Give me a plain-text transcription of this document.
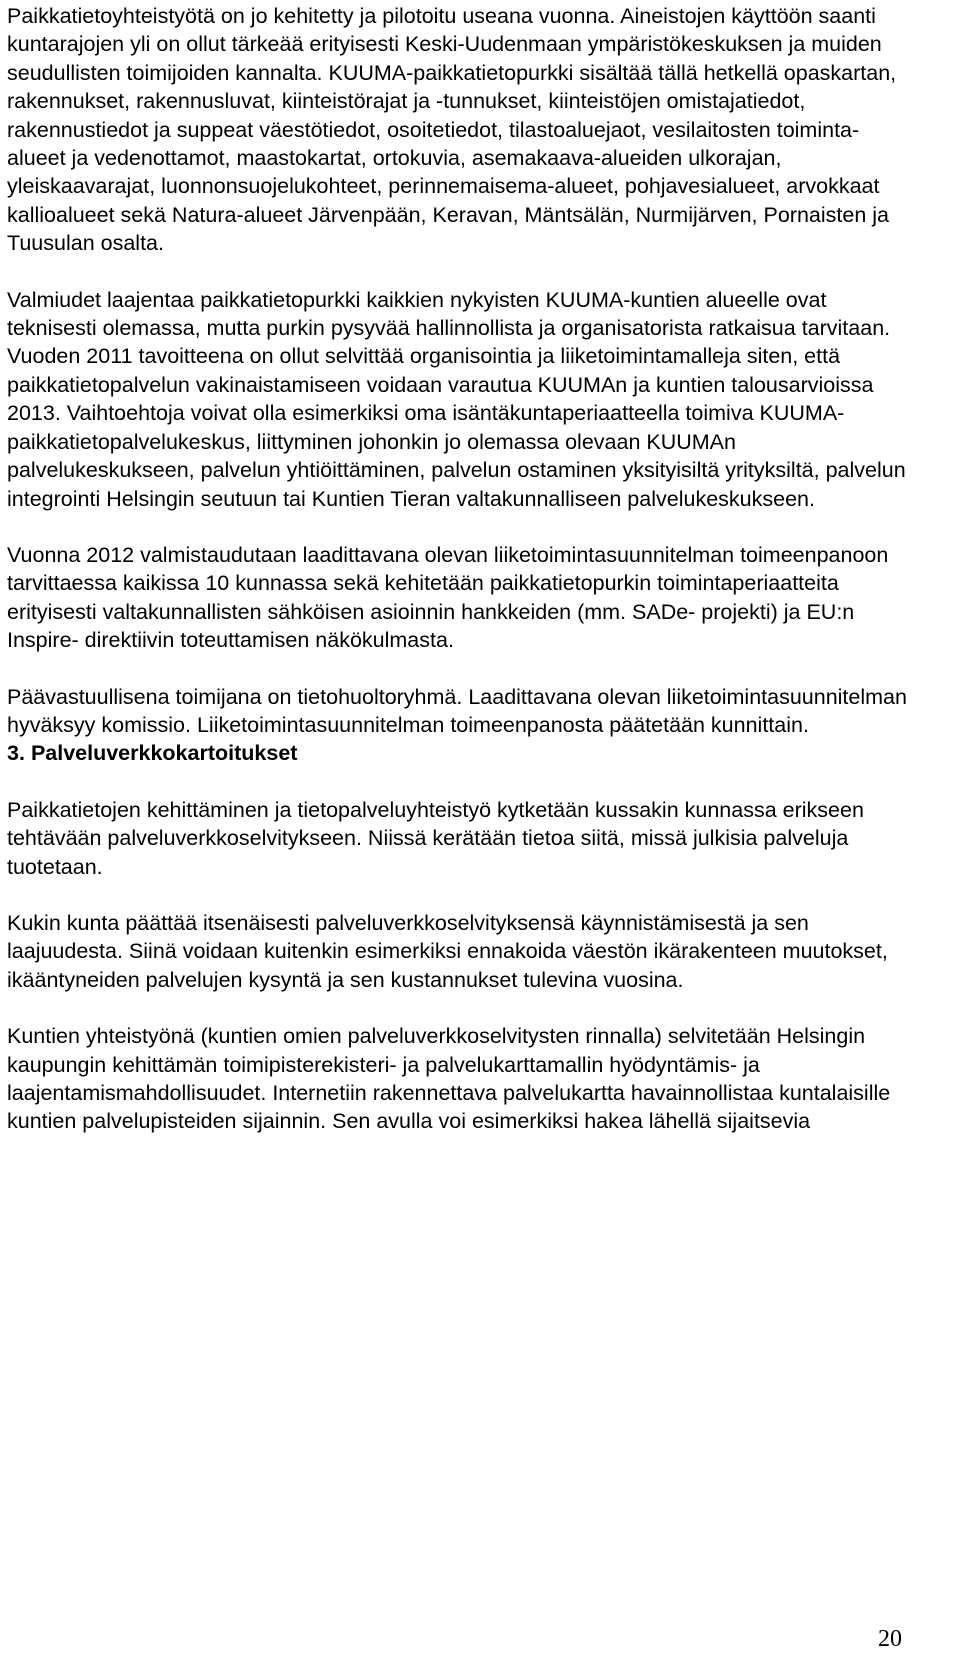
Paikkatietoyhteistyötä on jo kehitetty ja pilotoitu useana vuonna. Aineistojen käyttöön saanti kuntarajojen yli on ollut tärkeää erityisesti Keski-Uudenmaan ympäristökeskuksen ja muiden seudullisten toimijoiden kannalta. KUUMA-paikkatietopurkki sisältää tällä hetkellä opaskartan, rakennukset, rakennusluvat, kiinteistörajat ja -tunnukset, kiinteistöjen omistajatiedot, rakennustiedot ja suppeat väestötiedot, osoitetiedot, tilastoaluejaot, vesilaitosten toiminta-alueet ja vedenottamot, maastokartat, ortokuvia, asemakaava-alueiden ulkorajan, yleiskaavarajat, luonnonsuojelukohteet, perinnemaisema-alueet, pohjavesialueet, arvokkaat kallioalueet sekä Natura-alueet Järvenpään, Keravan, Mäntsälän, Nurmijärven, Pornaisten ja Tuusulan osalta.

Valmiudet laajentaa paikkatietopurkki kaikkien nykyisten KUUMA-kuntien alueelle ovat teknisesti olemassa, mutta purkin pysyvää hallinnollista ja organisatorista ratkaisua tarvitaan. Vuoden 2011 tavoitteena on ollut selvittää organisointia ja liiketoimintamalleja siten, että paikkatietopalvelun vakinaistamiseen voidaan varautua KUUMAn ja kuntien talousarvioissa 2013. Vaihtoehtoja voivat olla esimerkiksi oma isäntäkuntaperiaatteella toimiva KUUMA-paikkatietopalvelukeskus, liittyminen johonkin jo olemassa olevaan KUUMAn palvelukeskukseen, palvelun yhtiöittäminen, palvelun ostaminen yksityisiltä yrityksiltä, palvelun integrointi Helsingin seutuun tai Kuntien Tieran valtakunnalliseen palvelukeskukseen.

Vuonna 2012 valmistaudutaan laadittavana olevan liiketoimintasuunnitelman toimeenpanoon tarvittaessa kaikissa 10 kunnassa sekä kehitetään paikkatietopurkin toimintaperiaatteita erityisesti valtakunnallisten sähköisen asioinnin hankkeiden (mm. SADe- projekti) ja EU:n Inspire- direktiivin toteuttamisen näkökulmasta.

Päävastuullisena toimijana on tietohuoltoryhmä. Laadittavana olevan liiketoimintasuunnitelman hyväksyy komissio. Liiketoimintasuunnitelman toimeenpanosta päätetään kunnittain.

3. Palveluverkkokartoitukset

Paikkatietojen kehittäminen ja tietopalveluyhteistyö kytketään kussakin kunnassa erikseen tehtävään palveluverkkoselvitykseen. Niissä kerätään tietoa siitä, missä julkisia palveluja tuotetaan.

Kukin kunta päättää itsenäisesti palveluverkkoselvityksensä käynnistämisestä ja sen laajuudesta. Siinä voidaan kuitenkin esimerkiksi ennakoida väestön ikärakenteen muutokset, ikääntyneiden palvelujen kysyntä ja sen kustannukset tulevina vuosina.

Kuntien yhteistyönä (kuntien omien palveluverkkoselvitysten rinnalla) selvitetään Helsingin kaupungin kehittämän toimipisterekisteri- ja palvelukarttamallin hyödyntämis- ja laajentamismahdollisuudet. Internetiin rakennettava palvelukartta havainnollistaa kuntalaisille kuntien palvelupisteiden sijainnin. Sen avulla voi esimerkiksi hakea lähellä sijaitsevia

20
